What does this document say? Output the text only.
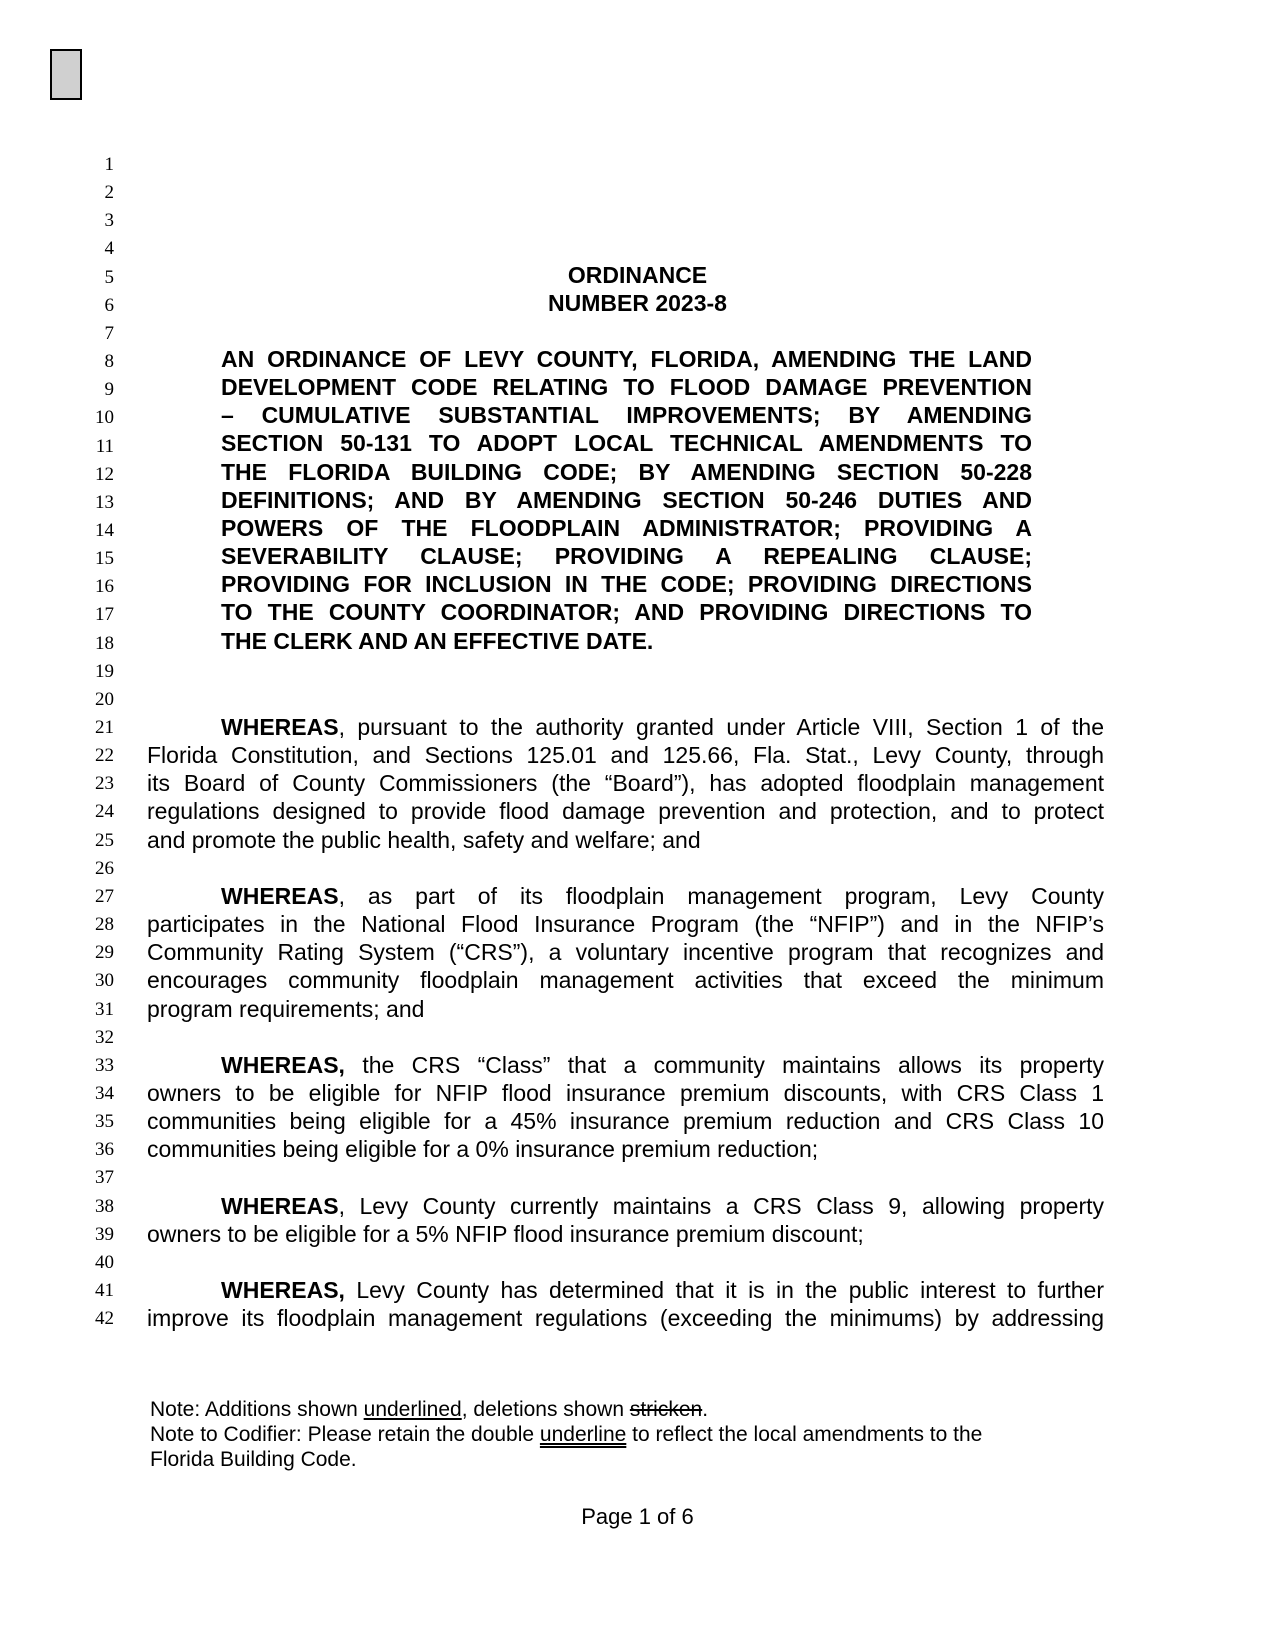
1
2
3
4
5
6
7
8
9
10
11
12
13
14
15
16
17
18
19
20
21
22
23
24
25
26
27
28
29
30
31
32
33
34
35
36
37
38
39
40
41
42
ORDINANCE
NUMBER 2023-8
AN ORDINANCE OF LEVY COUNTY, FLORIDA, AMENDING THE LAND
DEVELOPMENT CODE RELATING TO FLOOD DAMAGE PREVENTION
– CUMULATIVE SUBSTANTIAL IMPROVEMENTS; BY AMENDING
SECTION 50-131 TO ADOPT LOCAL TECHNICAL AMENDMENTS TO
THE FLORIDA BUILDING CODE; BY AMENDING SECTION 50-228
DEFINITIONS; AND BY AMENDING SECTION 50-246 DUTIES AND
POWERS OF THE FLOODPLAIN ADMINISTRATOR; PROVIDING A
SEVERABILITY CLAUSE; PROVIDING A REPEALING CLAUSE;
PROVIDING FOR INCLUSION IN THE CODE; PROVIDING DIRECTIONS
TO THE COUNTY COORDINATOR; AND PROVIDING DIRECTIONS TO
THE CLERK AND AN EFFECTIVE DATE.
WHEREAS, pursuant to the authority granted under Article VIII, Section 1 of the
Florida Constitution, and Sections 125.01 and 125.66, Fla. Stat., Levy County, through
its Board of County Commissioners (the “Board”), has adopted floodplain management
regulations designed to provide flood damage prevention and protection, and to protect
and promote the public health, safety and welfare; and
WHEREAS, as part of its floodplain management program, Levy County
participates in the National Flood Insurance Program (the “NFIP”) and in the NFIP’s
Community Rating System (“CRS”), a voluntary incentive program that recognizes and
encourages community floodplain management activities that exceed the minimum
program requirements; and
WHEREAS, the CRS “Class” that a community maintains allows its property
owners to be eligible for NFIP flood insurance premium discounts, with CRS Class 1
communities being eligible for a 45% insurance premium reduction and CRS Class 10
communities being eligible for a 0% insurance premium reduction;
WHEREAS, Levy County currently maintains a CRS Class 9, allowing property
owners to be eligible for a 5% NFIP flood insurance premium discount;
WHEREAS, Levy County has determined that it is in the public interest to further
improve its floodplain management regulations (exceeding the minimums) by addressing
Note: Additions shown underlined, deletions shown stricken.
Note to Codifier: Please retain the double underline to reflect the local amendments to the
Florida Building Code.
Page 1 of 6
